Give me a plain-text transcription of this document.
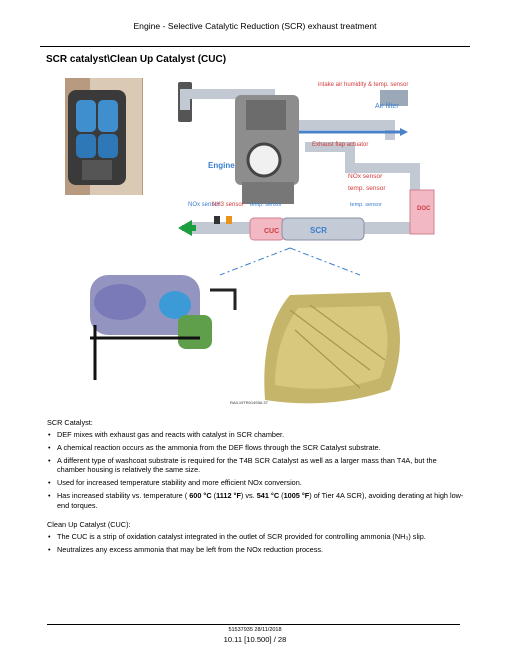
Engine - Selective Catalytic Reduction (SCR) exhaust treatment
SCR catalyst\Clean Up Catalyst (CUC)
intake air humidity & temp. sensor
Air filter
Engine
Exhaust flap actuator
NOx sensor
temp. sensor
NOx sensor
NH3 sensor temp. sensor	temp. sensor
CUC	SCR
DOC
RAIL19TR01493A 37
SCR Catalyst:
• DEF mixes with exhaust gas and reacts with catalyst in SCR chamber.
• A chemical reaction occurs as the ammonia from the DEF flows through the SCR Catalyst substrate.
• A different type of washcoat substrate is required for the T4B SCR Catalyst as well as a larger mass than T4A, but the chamber housing is relatively the same size.
• Used for increased temperature stability and more efficient NOx conversion.
• Has increased stability vs. temperature ( 600 °C (1112 °F) vs. 541 °C (1005 °F) of Tier 4A SCR), avoiding derating at high low-end torques.
Clean Up Catalyst (CUC):
• The CUC is a strip of oxidation catalyst integrated in the outlet of SCR provided for controlling ammonia (NH₃) slip.
• Neutralizes any excess ammonia that may be left from the NOx reduction process.
51537935 28/11/2018
10.11 [10.500] / 28
